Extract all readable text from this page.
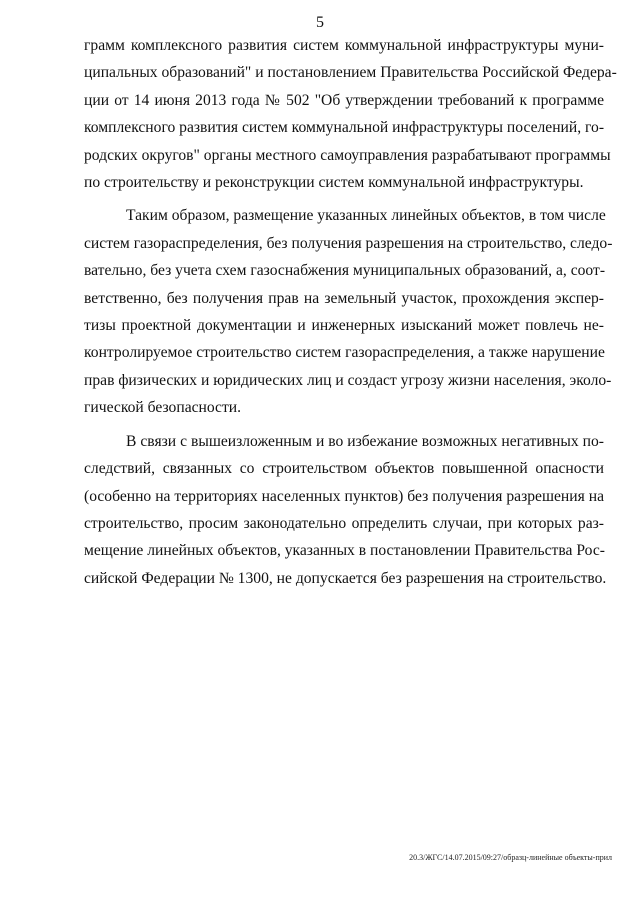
5

грамм комплексного развития систем коммунальной инфраструктуры муни-
ципальных образований" и постановлением Правительства Российской Федера-
ции от 14 июня 2013 года № 502 "Об утверждении требований к программе
комплексного развития систем коммунальной инфраструктуры поселений, го-
родских округов" органы местного самоуправления разрабатывают программы
по строительству и реконструкции систем коммунальной инфраструктуры.

Таким образом, размещение указанных линейных объектов, в том числе
систем газораспределения, без получения разрешения на строительство, следо-
вательно, без учета схем газоснабжения муниципальных образований, а, соот-
ветственно, без получения прав на земельный участок, прохождения экспер-
тизы проектной документации и инженерных изысканий может повлечь не-
контролируемое строительство систем газораспределения, а также нарушение
прав физических и юридических лиц и создаст угрозу жизни населения, эколо-
гической безопасности.

В связи с вышеизложенным и во избежание возможных негативных по-
следствий, связанных со строительством объектов повышенной опасности
(особенно на территориях населенных пунктов) без получения разрешения на
строительство, просим законодательно определить случаи, при которых раз-
мещение линейных объектов, указанных в постановлении Правительства Рос-
сийской Федерации № 1300, не допускается без разрешения на строительство.

20.3/ЖГС/14.07.2015/09:27/образц-линейные объекты-прил
